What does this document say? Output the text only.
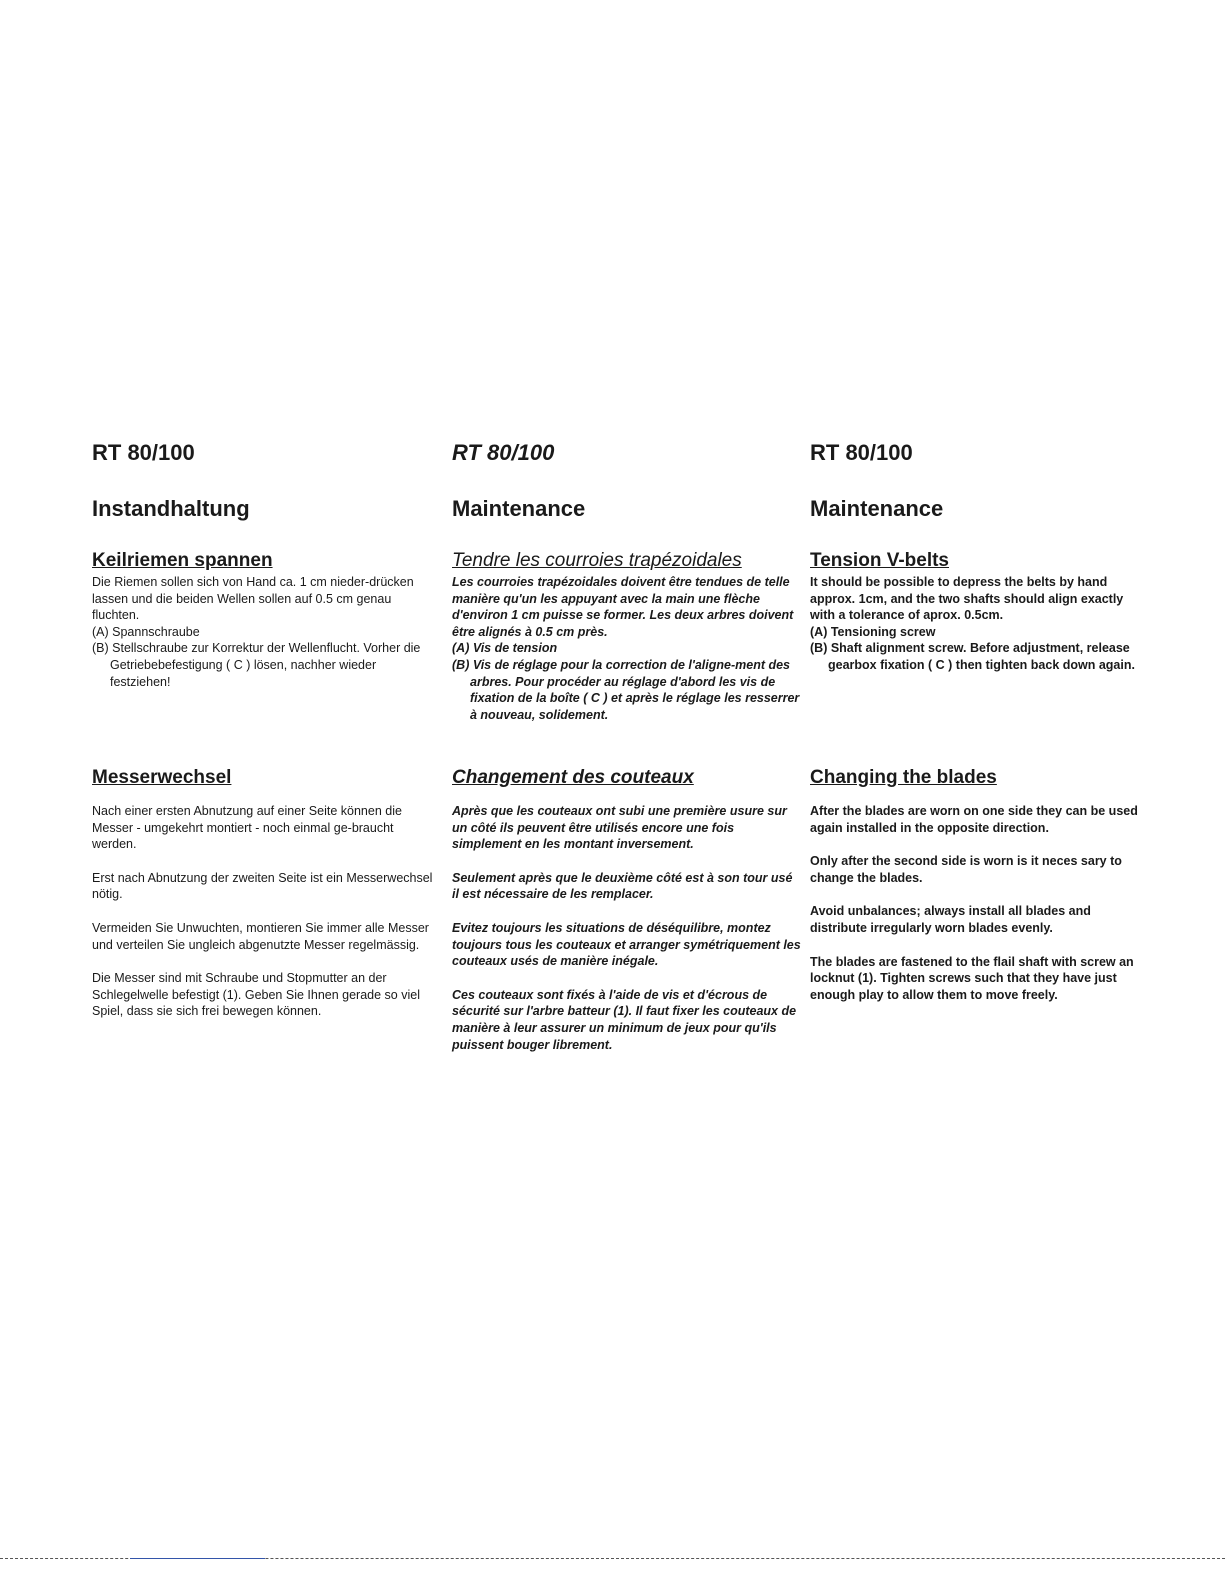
RT 80/100
Instandhaltung
Keilriemen spannen

Die Riemen sollen sich von Hand ca. 1 cm nieder-drücken lassen und die beiden Wellen sollen auf 0.5 cm genau fluchten.

(A) Spannschraube
(B) Stellschraube zur Korrektur der Wellenflucht. Vorher die Getriebebefestigung ( C ) lösen, nachher wieder festziehen!
Messerwechsel

Nach einer ersten Abnutzung auf einer Seite können die Messer - umgekehrt montiert - noch einmal ge-braucht werden.

Erst nach Abnutzung der zweiten Seite ist ein Messerwechsel nötig.

Vermeiden Sie Unwuchten, montieren Sie immer alle Messer und verteilen Sie ungleich abgenutzte Messer regelmässig.

Die Messer sind mit Schraube und Stopmutter an der Schlegelwelle befestigt (1). Geben Sie Ihnen gerade so viel Spiel, dass sie sich frei bewegen können.

RT 80/100
Maintenance
Tendre les courroies trapézoidales

Les courroies trapézoidales doivent être tendues de telle manière qu'un les appuyant avec la main une flèche d'environ 1 cm puisse se former. Les deux arbres doivent être alignés à 0.5 cm près.

(A) Vis de tension
(B) Vis de réglage pour la correction de l'aligne-ment des arbres. Pour procéder au réglage d'abord les vis de fixation de la boîte ( C ) et après le réglage les resserrer à nouveau, solidement.
Changement des couteaux

Après que les couteaux ont subi une première usure sur un côté ils peuvent être utilisés encore une fois simplement en les montant inversement.

Seulement après que le deuxième côté est à son tour usé il est nécessaire de les remplacer.

Evitez toujours les situations de déséquilibre, montez toujours tous les couteaux et arranger symétriquement les couteaux usés de manière inégale.

Ces couteaux sont fixés à l'aide de vis et d'écrous de sécurité sur l'arbre batteur (1). Il faut fixer les couteaux de manière à leur assurer un minimum de jeux pour qu'ils puissent bouger librement.

RT 80/100
Maintenance
Tension V-belts

It should be possible to depress the belts by hand approx. 1cm, and the two shafts should align exactly with a tolerance of aprox. 0.5cm.

(A) Tensioning screw
(B) Shaft alignment screw. Before adjustment, release gearbox fixation ( C ) then tighten back down again.
Changing the blades

After the blades are worn on one side they can be used again installed in the opposite direction.

Only after the second side is worn is it neces sary to change the blades.

Avoid unbalances; always install all blades and distribute irregularly worn blades evenly.

The blades are fastened to the flail shaft with screw an locknut (1). Tighten screws such that they have just enough play to allow them to move freely.
